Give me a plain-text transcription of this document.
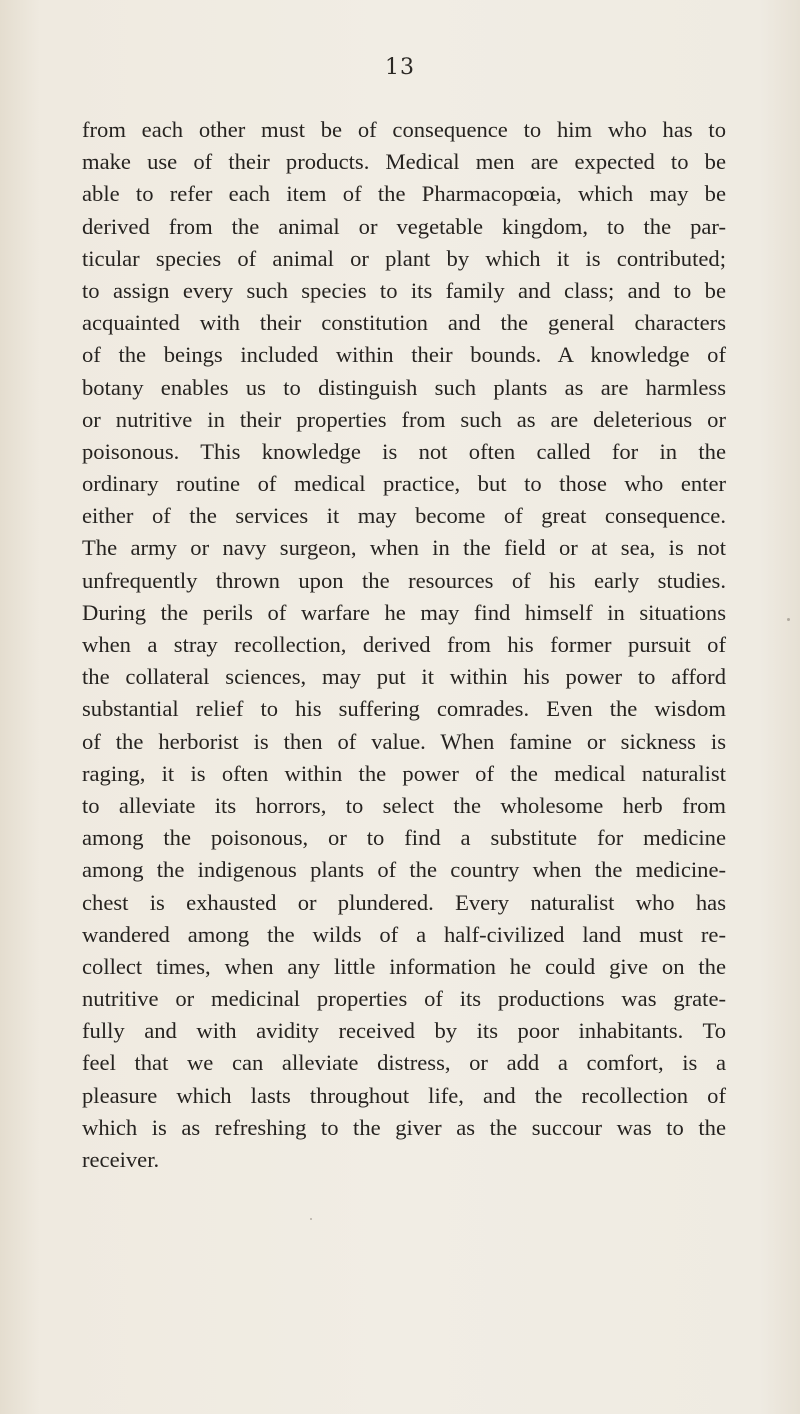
13
from each other must be of consequence to him who has to
make use of their products. Medical men are expected to be
able to refer each item of the Pharmacopœia, which may be
derived from the animal or vegetable kingdom, to the par-
ticular species of animal or plant by which it is contributed;
to assign every such species to its family and class; and to be
acquainted with their constitution and the general characters
of the beings included within their bounds. A knowledge of
botany enables us to distinguish such plants as are harmless
or nutritive in their properties from such as are deleterious or
poisonous. This knowledge is not often called for in the
ordinary routine of medical practice, but to those who enter
either of the services it may become of great consequence.
The army or navy surgeon, when in the field or at sea, is not
unfrequently thrown upon the resources of his early studies.
During the perils of warfare he may find himself in situations
when a stray recollection, derived from his former pursuit of
the collateral sciences, may put it within his power to afford
substantial relief to his suffering comrades. Even the wisdom
of the herborist is then of value. When famine or sickness is
raging, it is often within the power of the medical naturalist
to alleviate its horrors, to select the wholesome herb from
among the poisonous, or to find a substitute for medicine
among the indigenous plants of the country when the medicine-
chest is exhausted or plundered. Every naturalist who has
wandered among the wilds of a half-civilized land must re-
collect times, when any little information he could give on the
nutritive or medicinal properties of its productions was grate-
fully and with avidity received by its poor inhabitants. To
feel that we can alleviate distress, or add a comfort, is a
pleasure which lasts throughout life, and the recollection of
which is as refreshing to the giver as the succour was to the
receiver.
